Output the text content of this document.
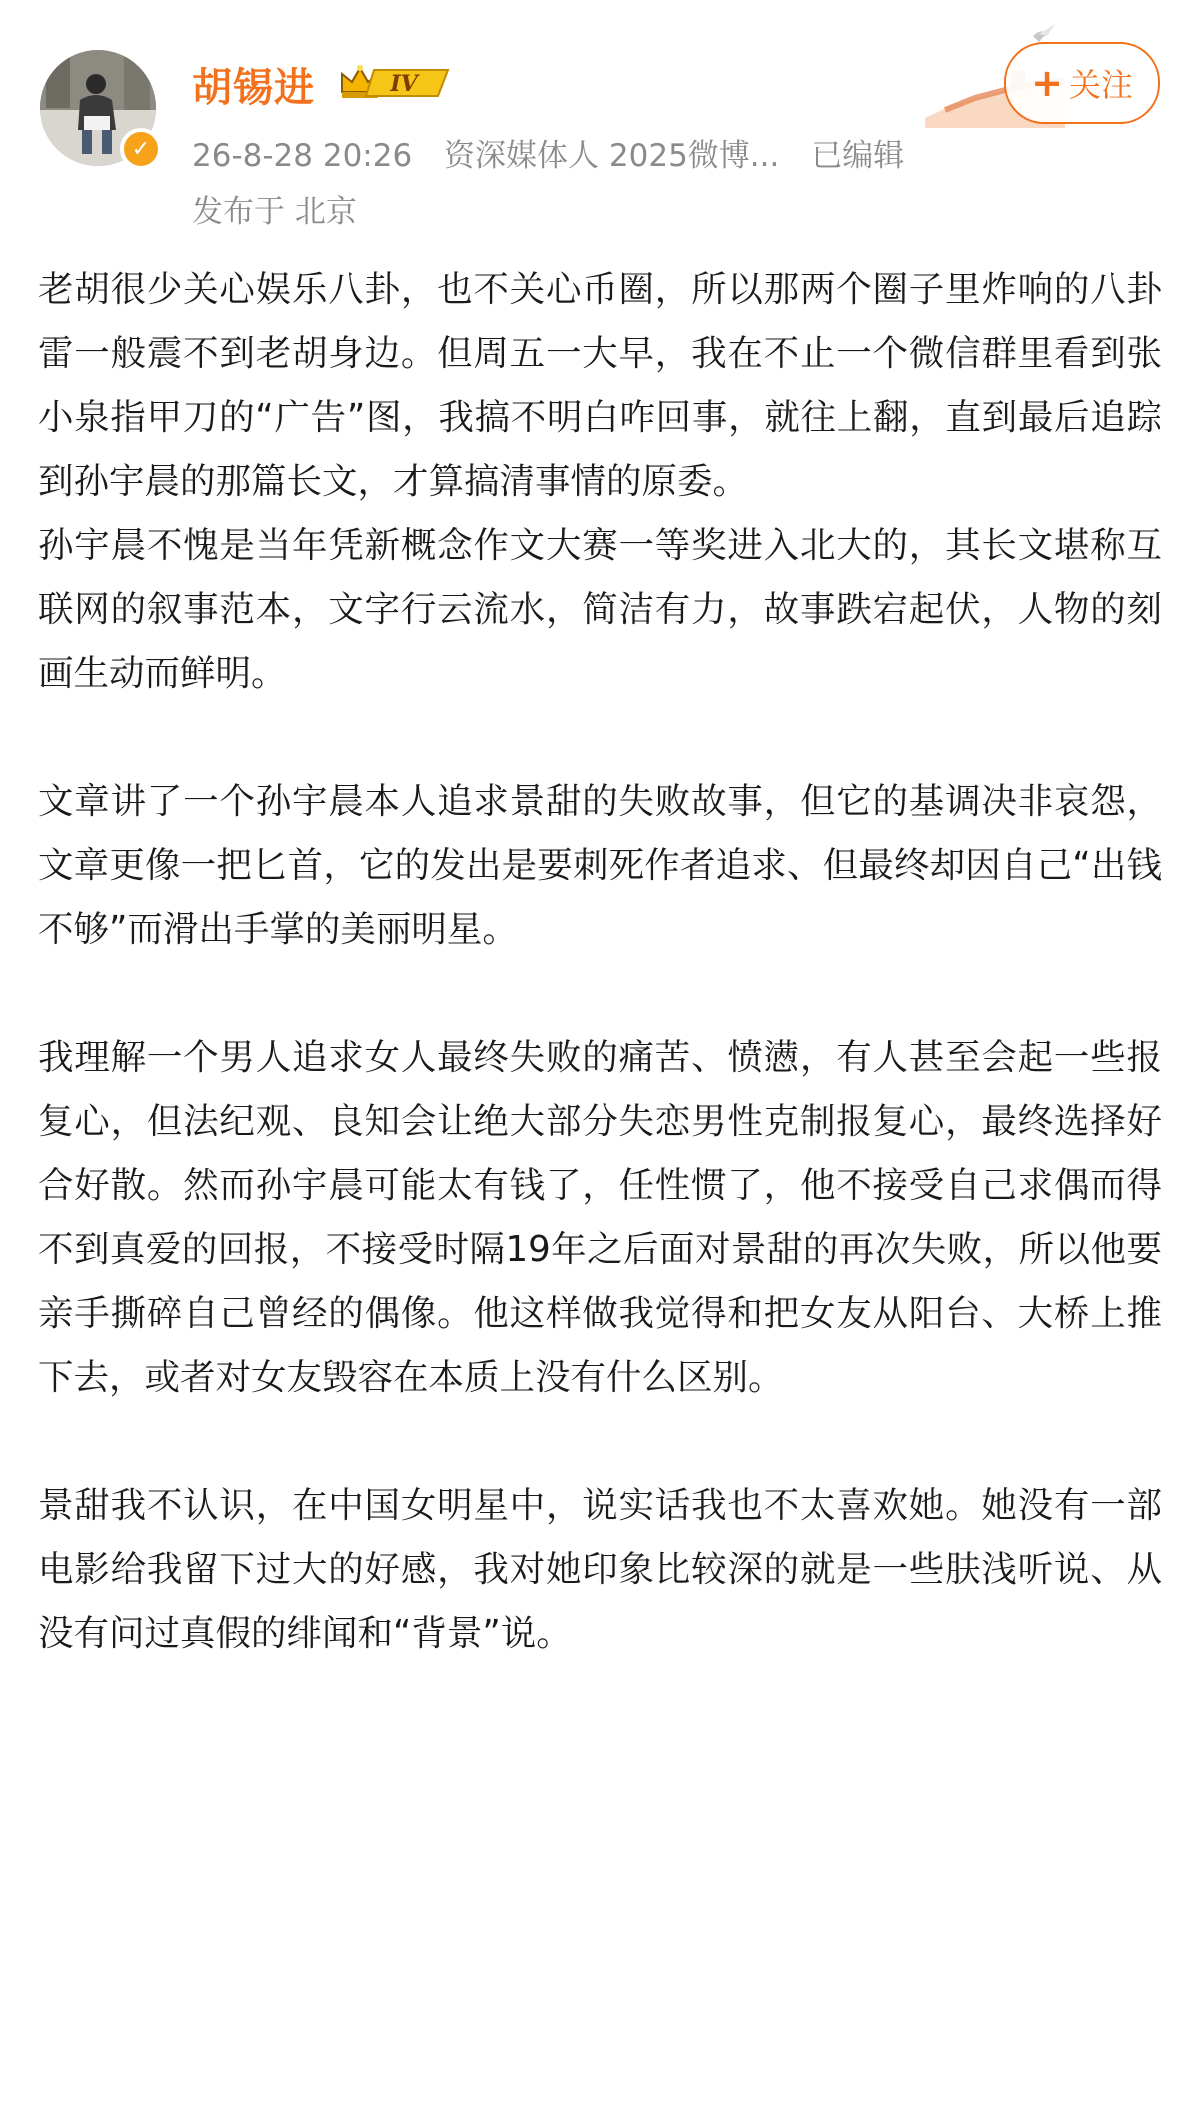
✓
胡锡进	IV
26-8-28 20:26 资深媒体人 2025微博... 已编辑
发布于 北京
+ 关注

老胡很少关心娱乐八卦，也不关心币圈，所以那两个圈子里炸响的八卦雷一般震不到老胡身边。但周五一大早，我在不止一个微信群里看到张小泉指甲刀的“广告”图，我搞不明白咋回事，就往上翻，直到最后追踪到孙宇晨的那篇长文，才算搞清事情的原委。

孙宇晨不愧是当年凭新概念作文大赛一等奖进入北大的，其长文堪称互联网的叙事范本，文字行云流水，简洁有力，故事跌宕起伏，人物的刻画生动而鲜明。

文章讲了一个孙宇晨本人追求景甜的失败故事，但它的基调决非哀怨，文章更像一把匕首，它的发出是要刺死作者追求、但最终却因自己“出钱不够”而滑出手掌的美丽明星。

我理解一个男人追求女人最终失败的痛苦、愤懑，有人甚至会起一些报复心，但法纪观、良知会让绝大部分失恋男性克制报复心，最终选择好合好散。然而孙宇晨可能太有钱了，任性惯了，他不接受自己求偶而得不到真爱的回报，不接受时隔19年之后面对景甜的再次失败，所以他要亲手撕碎自己曾经的偶像。他这样做我觉得和把女友从阳台、大桥上推下去，或者对女友毁容在本质上没有什么区别。

景甜我不认识，在中国女明星中，说实话我也不太喜欢她。她没有一部电影给我留下过大的好感，我对她印象比较深的就是一些肤浅听说、从没有问过真假的绯闻和“背景”说。
